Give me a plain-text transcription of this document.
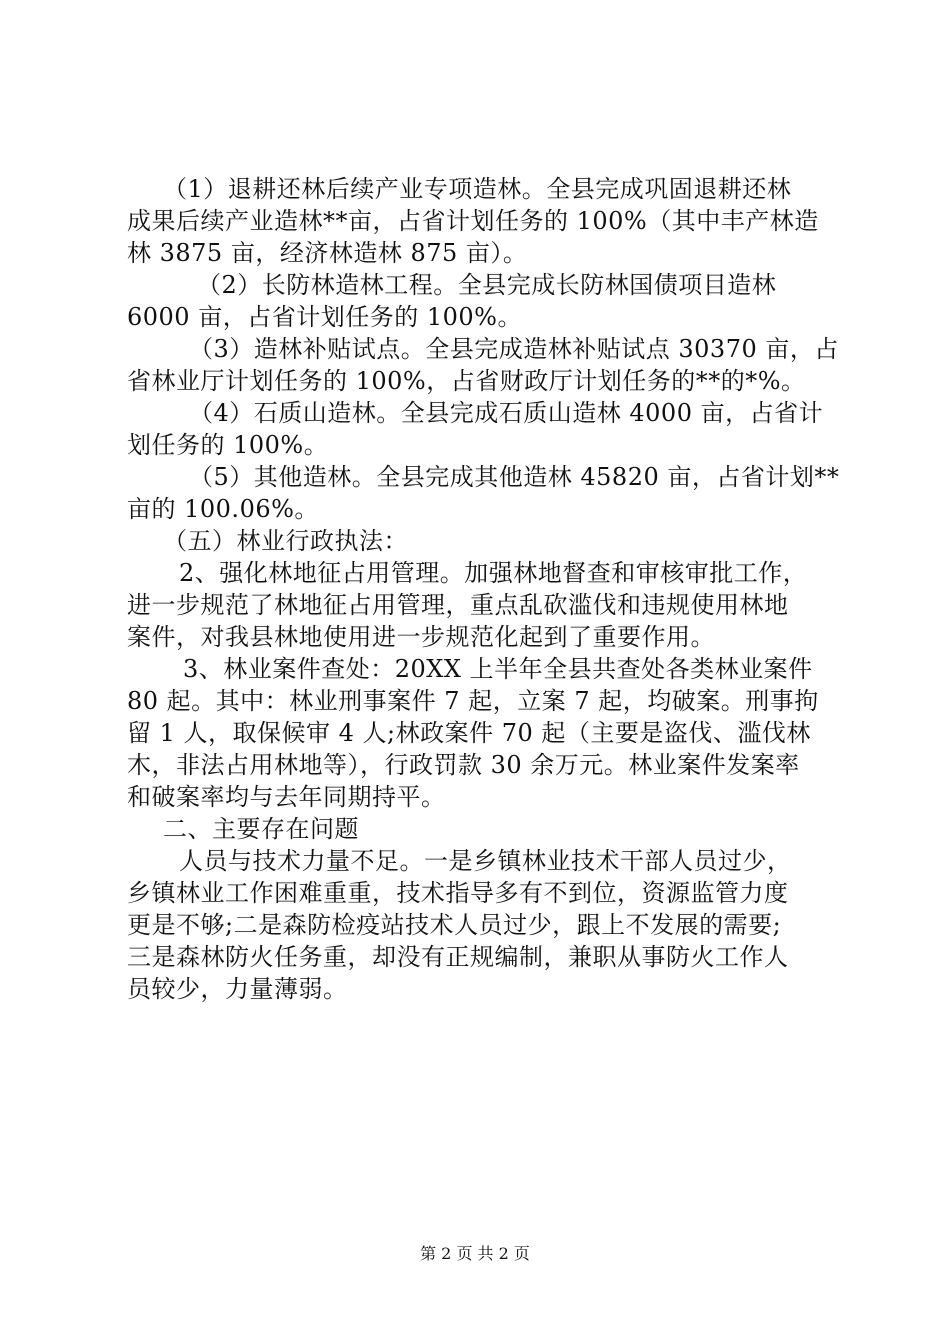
（1）退耕还林后续产业专项造林。全县完成巩固退耕还林
成果后续产业造林**亩，占省计划任务的 100%（其中丰产林造
林 3875 亩，经济林造林 875 亩）。
（2）长防林造林工程。全县完成长防林国债项目造林
6000 亩，占省计划任务的 100%。
（3）造林补贴试点。全县完成造林补贴试点 30370 亩，占
省林业厅计划任务的 100%，占省财政厅计划任务的**的*%。
（4）石质山造林。全县完成石质山造林 4000 亩，占省计
划任务的 100%。
（5）其他造林。全县完成其他造林 45820 亩，占省计划**
亩的 100.06%。
（五）林业行政执法：
2、强化林地征占用管理。加强林地督查和审核审批工作，
进一步规范了林地征占用管理，重点乱砍滥伐和违规使用林地
案件，对我县林地使用进一步规范化起到了重要作用。
3、林业案件查处：20XX 上半年全县共查处各类林业案件
80 起。其中：林业刑事案件 7 起，立案 7 起，均破案。刑事拘
留 1 人，取保候审 4 人;林政案件 70 起（主要是盗伐、滥伐林
木，非法占用林地等），行政罚款 30 余万元。林业案件发案率
和破案率均与去年同期持平。
二、主要存在问题
人员与技术力量不足。一是乡镇林业技术干部人员过少，
乡镇林业工作困难重重，技术指导多有不到位，资源监管力度
更是不够;二是森防检疫站技术人员过少，跟上不发展的需要;
三是森林防火任务重，却没有正规编制，兼职从事防火工作人
员较少，力量薄弱。
第 2 页 共 2 页
